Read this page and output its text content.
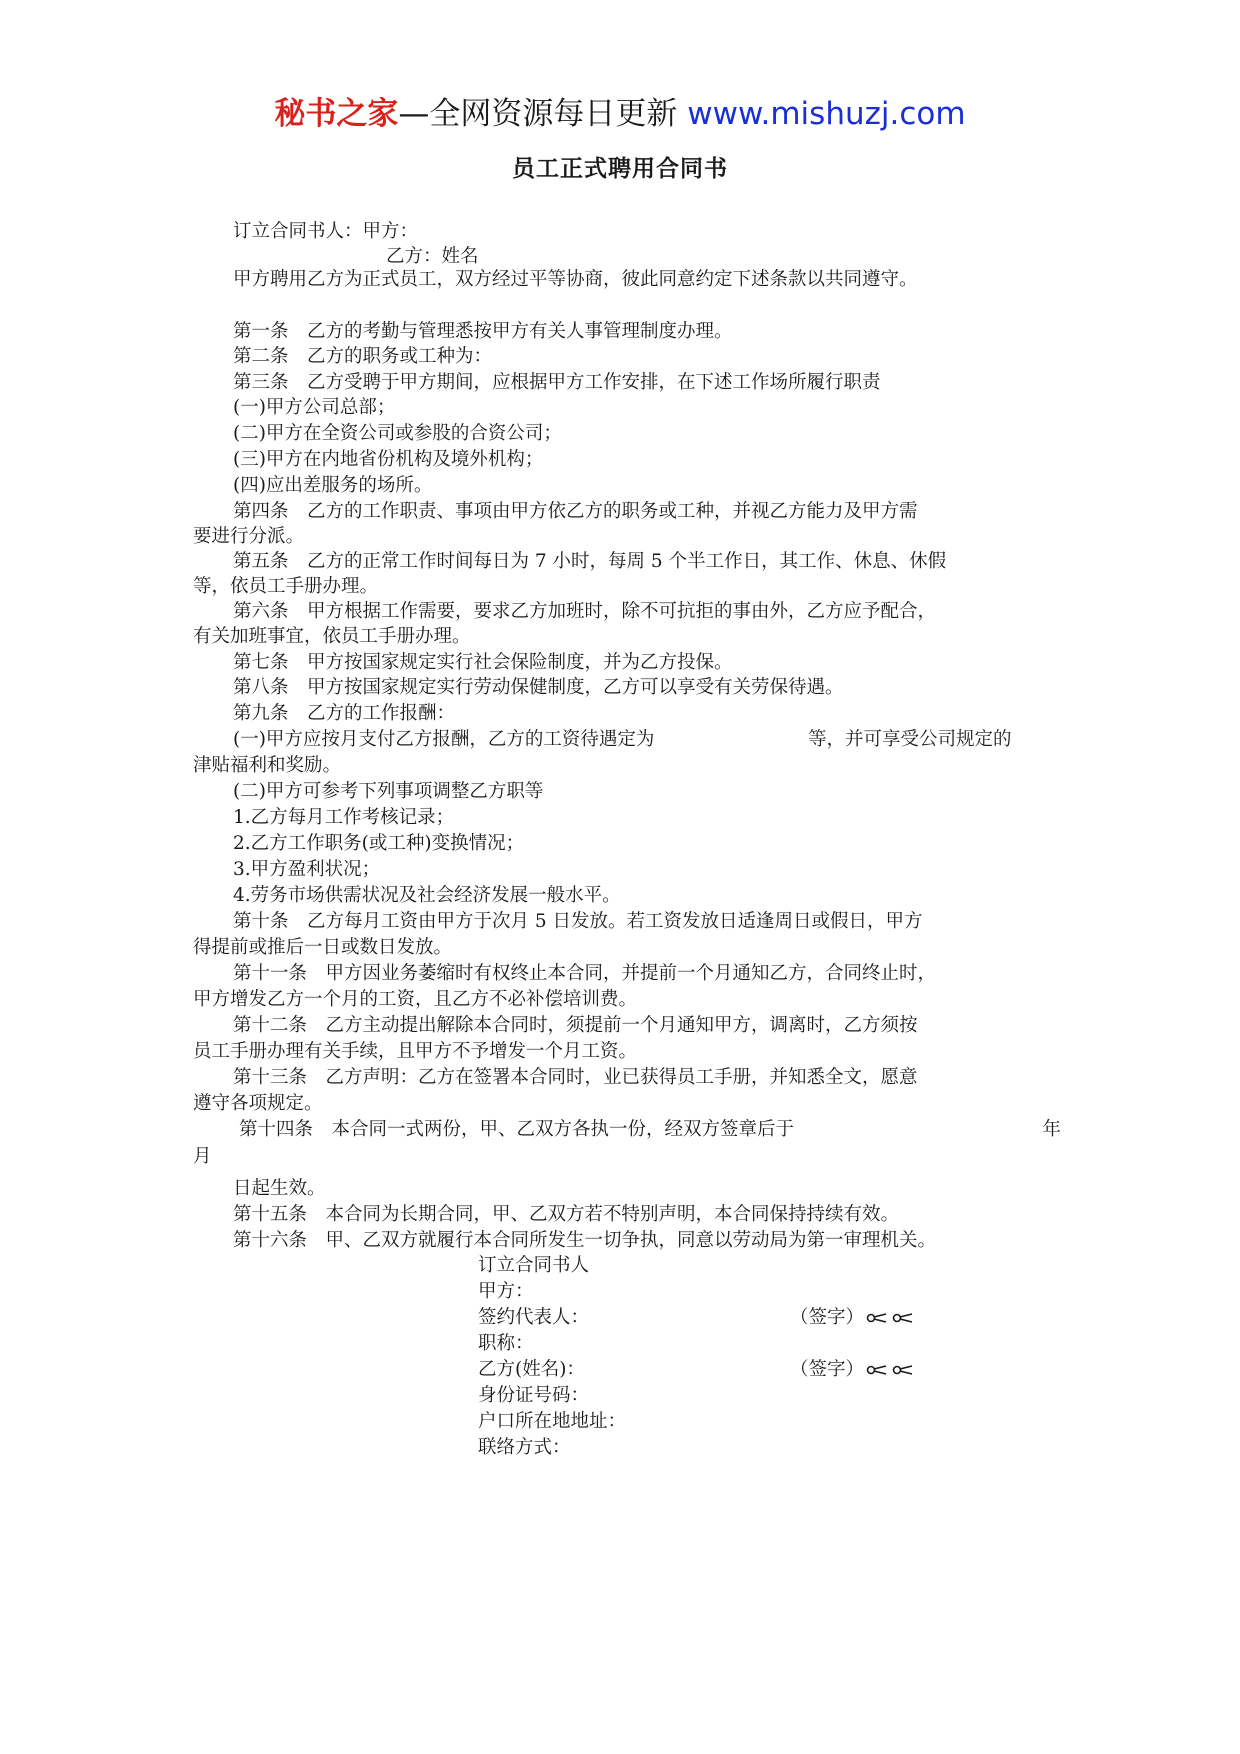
秘书之家—全网资源每日更新 www.mishuzj.com
员工正式聘用合同书
订立合同书人：甲方：
乙方：姓名
甲方聘用乙方为正式员工，双方经过平等协商，彼此同意约定下述条款以共同遵守。
第一条　乙方的考勤与管理悉按甲方有关人事管理制度办理。
第二条　乙方的职务或工种为：
第三条　乙方受聘于甲方期间，应根据甲方工作安排，在下述工作场所履行职责
(一)甲方公司总部；
(二)甲方在全资公司或参股的合资公司；
(三)甲方在内地省份机构及境外机构；
(四)应出差服务的场所。
第四条　乙方的工作职责、事项由甲方依乙方的职务或工种，并视乙方能力及甲方需
要进行分派。
第五条　乙方的正常工作时间每日为 7 小时，每周 5 个半工作日，其工作、休息、休假
等，依员工手册办理。
第六条　甲方根据工作需要，要求乙方加班时，除不可抗拒的事由外，乙方应予配合，
有关加班事宜，依员工手册办理。
第七条　甲方按国家规定实行社会保险制度，并为乙方投保。
第八条　甲方按国家规定实行劳动保健制度，乙方可以享受有关劳保待遇。
第九条　乙方的工作报酬：
(一)甲方应按月支付乙方报酬，乙方的工资待遇定为	等，并可享受公司规定的
津贴福利和奖励。
(二)甲方可参考下列事项调整乙方职等
1.乙方每月工作考核记录；
2.乙方工作职务(或工种)变换情况；
3.甲方盈利状况；
4.劳务市场供需状况及社会经济发展一般水平。
第十条　乙方每月工资由甲方于次月 5 日发放。若工资发放日适逢周日或假日，甲方
得提前或推后一日或数日发放。
第十一条　甲方因业务萎缩时有权终止本合同，并提前一个月通知乙方，合同终止时，
甲方增发乙方一个月的工资，且乙方不必补偿培训费。
第十二条　乙方主动提出解除本合同时，须提前一个月通知甲方，调离时，乙方须按
员工手册办理有关手续，且甲方不予增发一个月工资。
第十三条　乙方声明：乙方在签署本合同时，业已获得员工手册，并知悉全文，愿意
遵守各项规定。
第十四条　本合同一式两份，甲、乙双方各执一份，经双方签章后于	年
月
日起生效。
第十五条　本合同为长期合同，甲、乙双方若不特别声明，本合同保持持续有效。
第十六条　甲、乙双方就履行本合同所发生一切争执，同意以劳动局为第一审理机关。
订立合同书人
甲方：
签约代表人：	（签字）
职称：
乙方(姓名)：	（签字）
身份证号码：
户口所在地地址：
联络方式：
